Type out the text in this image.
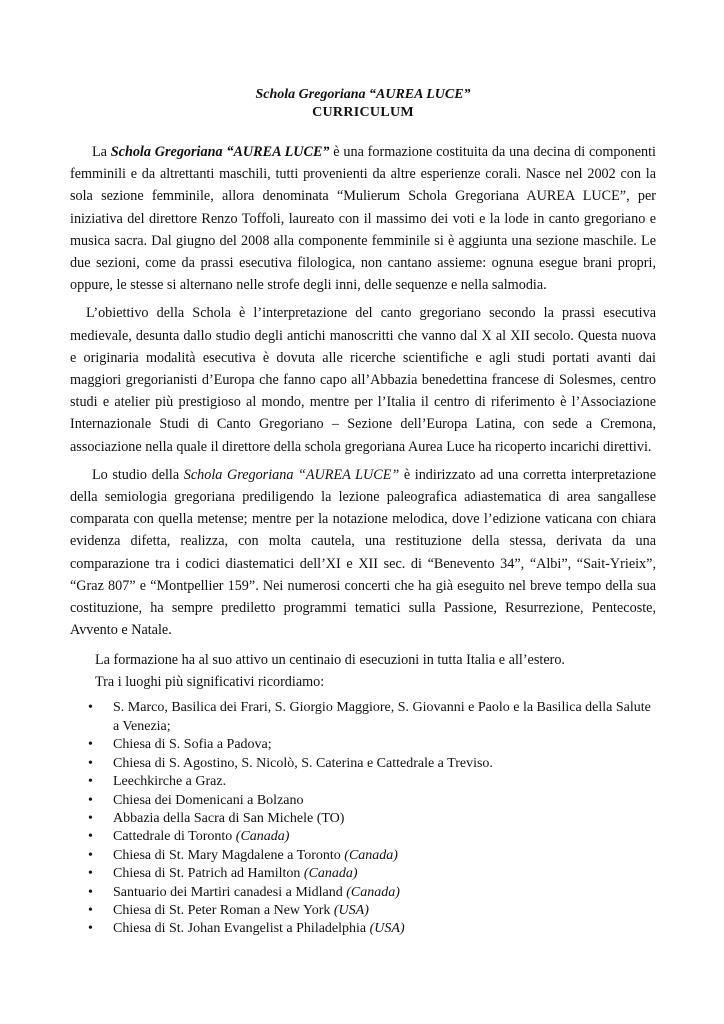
Schola Gregoriana “AUREA LUCE”
CURRICULUM

La Schola Gregoriana “AUREA LUCE” è una formazione costituita da una decina di componenti femminili e da altrettanti maschili, tutti provenienti da altre esperienze corali. Nasce nel 2002 con la sola sezione femminile, allora denominata “Mulierum Schola Gregoriana AUREA LUCE”, per iniziativa del direttore Renzo Toffoli, laureato con il massimo dei voti e la lode in canto gregoriano e musica sacra. Dal giugno del 2008 alla componente femminile si è aggiunta una sezione maschile. Le due sezioni, come da prassi esecutiva filologica, non cantano assieme: ognuna esegue brani propri, oppure, le stesse si alternano nelle strofe degli inni, delle sequenze e nella salmodia.

L’obiettivo della Schola è l’interpretazione del canto gregoriano secondo la prassi esecutiva medievale, desunta dallo studio degli antichi manoscritti che vanno dal X al XII secolo. Questa nuova e originaria modalità esecutiva è dovuta alle ricerche scientifiche e agli studi portati avanti dai maggiori gregorianisti d’Europa che fanno capo all’Abbazia benedettina francese di Solesmes, centro studi e atelier più prestigioso al mondo, mentre per l’Italia il centro di riferimento è l’Associazione Internazionale Studi di Canto Gregoriano – Sezione dell’Europa Latina, con sede a Cremona, associazione nella quale il direttore della schola gregoriana Aurea Luce ha ricoperto incarichi direttivi.

Lo studio della Schola Gregoriana “AUREA LUCE” è indirizzato ad una corretta interpretazione della semiologia gregoriana prediligendo la lezione paleografica adiastematica di area sangallese comparata con quella metense; mentre per la notazione melodica, dove l’edizione vaticana con chiara evidenza difetta, realizza, con molta cautela, una restituzione della stessa, derivata da una comparazione tra i codici diastematici dell’XI e XII sec. di “Benevento 34”, “Albi”, “Sait-Yrieix”, “Graz 807” e “Montpellier 159”. Nei numerosi concerti che ha già eseguito nel breve tempo della sua costituzione, ha sempre prediletto programmi tematici sulla Passione, Resurrezione, Pentecoste, Avvento e Natale.

La formazione ha al suo attivo un centinaio di esecuzioni in tutta Italia e all’estero.

Tra i luoghi più significativi ricordiamo:

• S. Marco, Basilica dei Frari, S. Giorgio Maggiore, S. Giovanni e Paolo e la Basilica della Salute a Venezia;
• Chiesa di S. Sofia a Padova;
• Chiesa di S. Agostino, S. Nicolò, S. Caterina e Cattedrale a Treviso.
• Leechkirche a Graz.
• Chiesa dei Domenicani a Bolzano
• Abbazia della Sacra di San Michele (TO)
• Cattedrale di Toronto (Canada)
• Chiesa di St. Mary Magdalene a Toronto (Canada)
• Chiesa di St. Patrich ad Hamilton (Canada)
• Santuario dei Martiri canadesi a Midland (Canada)
• Chiesa di St. Peter Roman a New York (USA)
• Chiesa di St. Johan Evangelist a Philadelphia (USA)
